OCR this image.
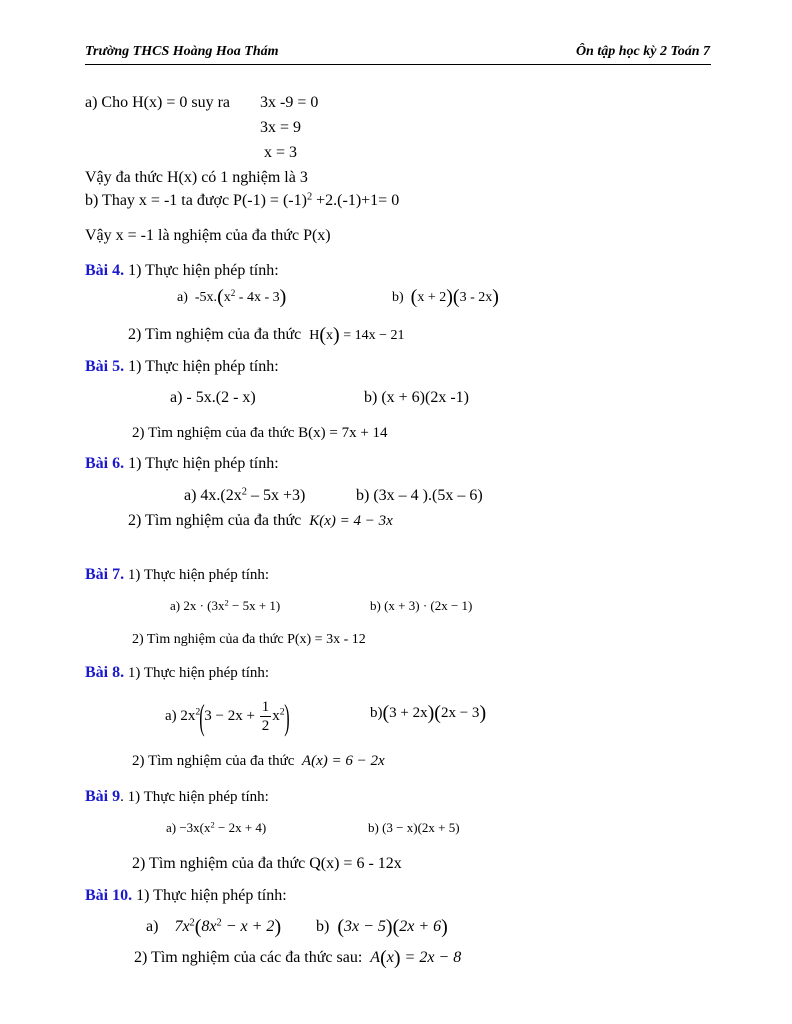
Trường THCS Hoàng Hoa Thám	Ôn tập học kỳ 2 Toán 7
a) Cho H(x) = 0 suy ra 3x -9 = 0
3x = 9
x = 3
Vậy đa thức H(x) có 1 nghiệm là 3
b) Thay x = -1 ta được $P(-1) = (-1)^2 +2.(-1)+1= 0$
Vậy x = -1 là nghiệm của đa thức P(x)
Bài 4. 1) Thực hiện phép tính:
a) $-5x.(x^2 - 4x - 3)$	b) (x + 2)(3 - 2x)
2) Tìm nghiệm của đa thức H(x) = 14x − 21
Bài 5. 1) Thực hiện phép tính:
a) - 5x.(2 - x)	b) (x + 6)(2x -1)
2) Tìm nghiệm của đa thức B(x) = 7x + 14
Bài 6. 1) Thực hiện phép tính:
a) $4x.(2x^2 - 5x +3)$	b) (3x – 4 ).(5x – 6)
2) Tìm nghiệm của đa thức K(x) = 4 − 3x
Bài 7. 1) Thực hiện phép tính:
a) $2x \cdot (3x^2 - 5x + 1)$	b) (x + 3) · (2x − 1)
2) Tìm nghiệm của đa thức P(x) = 3x - 12
Bài 8. 1) Thực hiện phép tính:
a) $2x^2(3 - 2x + \frac{1}{2} x^2)$	b)(3 + 2x)(2x − 3)
2) Tìm nghiệm của đa thức A(x) = 6 − 2x
Bài 9. 1) Thực hiện phép tính:
$a) -3x(x^2 - 2x + 4)$	b) (3 − x)(2x + 5)
2) Tìm nghiệm của đa thức Q(x) = 6 - 12x
Bài 10. 1) Thực hiện phép tính:
a) $7x^2(8x^2 - x + 2)$ b) (3x − 5)(2x + 6)
2) Tìm nghiệm của các đa thức sau: A(x) = 2x − 8
